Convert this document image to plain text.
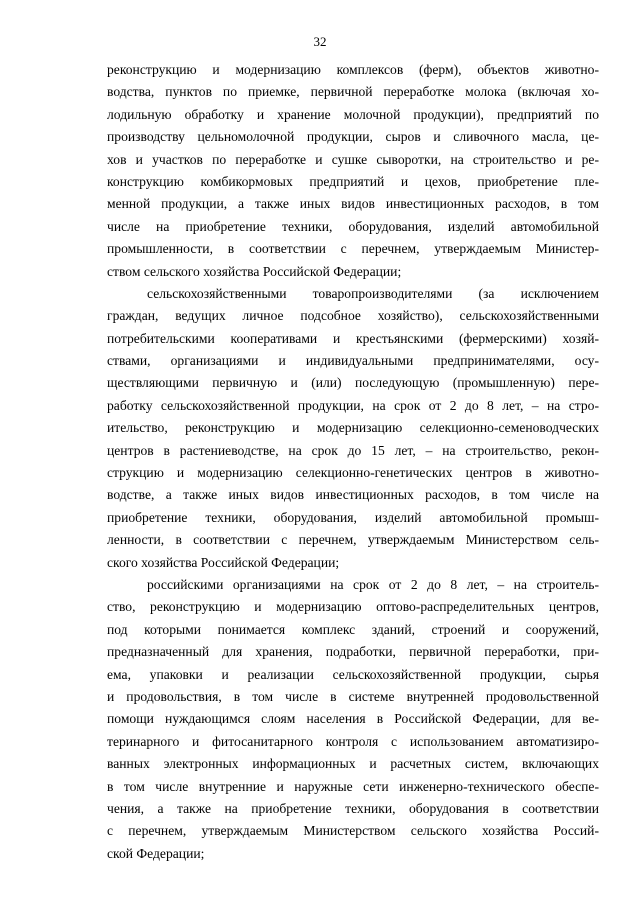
32
реконструкцию и модернизацию комплексов (ферм), объектов животно-
водства, пунктов по приемке, первичной переработке молока (включая хо-
лодильную обработку и хранение молочной продукции), предприятий по
производству цельномолочной продукции, сыров и сливочного масла, це-
хов и участков по переработке и сушке сыворотки, на строительство и ре-
конструкцию комбикормовых предприятий и цехов, приобретение пле-
менной продукции, а также иных видов инвестиционных расходов, в том
числе на приобретение техники, оборудования, изделий автомобильной
промышленности, в соответствии с перечнем, утверждаемым Министер-
ством сельского хозяйства Российской Федерации;
сельскохозяйственными товаропроизводителями (за исключением
граждан, ведущих личное подсобное хозяйство), сельскохозяйственными
потребительскими кооперативами и крестьянскими (фермерскими) хозяй-
ствами, организациями и индивидуальными предпринимателями, осу-
ществляющими первичную и (или) последующую (промышленную) пере-
работку сельскохозяйственной продукции, на срок от 2 до 8 лет, – на стро-
ительство, реконструкцию и модернизацию селекционно-семеноводческих
центров в растениеводстве, на срок до 15 лет, – на строительство, рекон-
струкцию и модернизацию селекционно-генетических центров в животно-
водстве, а также иных видов инвестиционных расходов, в том числе на
приобретение техники, оборудования, изделий автомобильной промыш-
ленности, в соответствии с перечнем, утверждаемым Министерством сель-
ского хозяйства Российской Федерации;
российскими организациями на срок от 2 до 8 лет, – на строитель-
ство, реконструкцию и модернизацию оптово-распределительных центров,
под которыми понимается комплекс зданий, строений и сооружений,
предназначенный для хранения, подработки, первичной переработки, при-
ема, упаковки и реализации сельскохозяйственной продукции, сырья
и продовольствия, в том числе в системе внутренней продовольственной
помощи нуждающимся слоям населения в Российской Федерации, для ве-
теринарного и фитосанитарного контроля с использованием автоматизиро-
ванных электронных информационных и расчетных систем, включающих
в том числе внутренние и наружные сети инженерно-технического обеспе-
чения, а также на приобретение техники, оборудования в соответствии
с перечнем, утверждаемым Министерством сельского хозяйства Россий-
ской Федерации;
